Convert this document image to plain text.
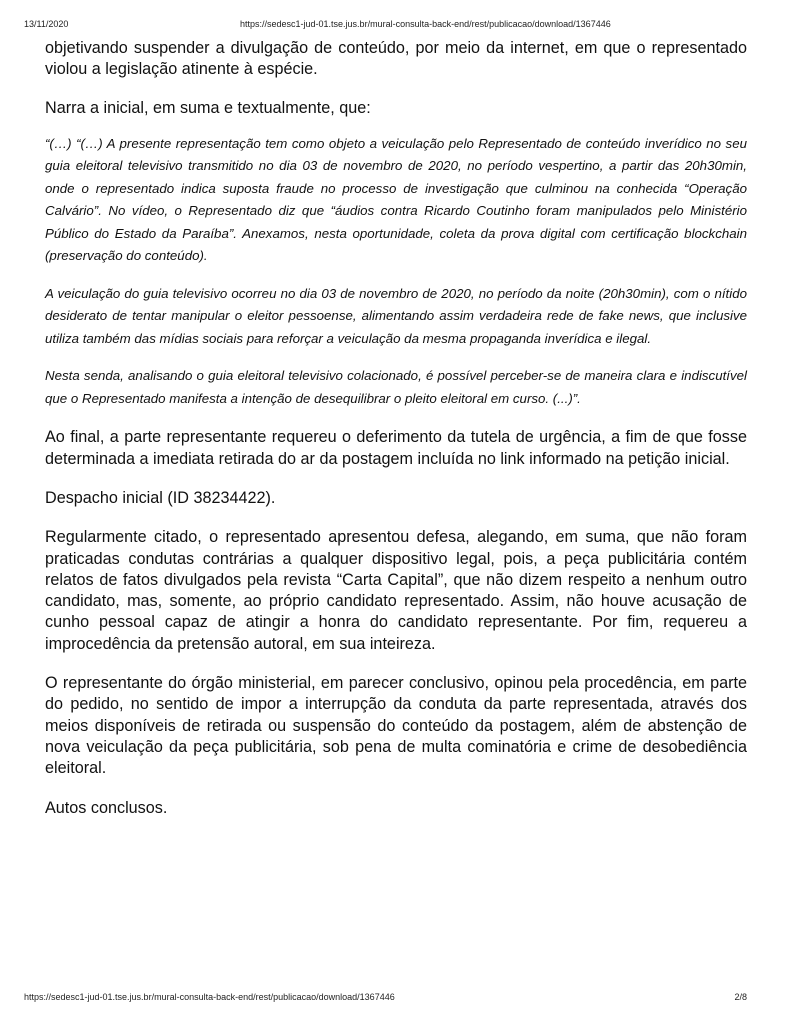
13/11/2020	https://sedesc1-jud-01.tse.jus.br/mural-consulta-back-end/rest/publicacao/download/1367446

objetivando suspender a divulgação de conteúdo, por meio da internet, em que o representado violou a legislação atinente à espécie.

Narra a inicial, em suma e textualmente, que:

“(…) “(…) A presente representação tem como objeto a veiculação pelo Representado de conteúdo inverídico no seu guia eleitoral televisivo transmitido no dia 03 de novembro de 2020, no período vespertino, a partir das 20h30min, onde o representado indica suposta fraude no processo de investigação que culminou na conhecida “Operação Calvário”. No vídeo, o Representado diz que “áudios contra Ricardo Coutinho foram manipulados pelo Ministério Público do Estado da Paraíba”. Anexamos, nesta oportunidade, coleta da prova digital com certificação blockchain (preservação do conteúdo).

A veiculação do guia televisivo ocorreu no dia 03 de novembro de 2020, no período da noite (20h30min), com o nítido desiderato de tentar manipular o eleitor pessoense, alimentando assim verdadeira rede de fake news, que inclusive utiliza também das mídias sociais para reforçar a veiculação da mesma propaganda inverídica e ilegal.

Nesta senda, analisando o guia eleitoral televisivo colacionado, é possível perceber-se de maneira clara e indiscutível que o Representado manifesta a intenção de desequilibrar o pleito eleitoral em curso. (...)”.

Ao final, a parte representante requereu o deferimento da tutela de urgência, a fim de que fosse determinada a imediata retirada do ar da postagem incluída no link informado na petição inicial.

Despacho inicial (ID 38234422).

Regularmente citado, o representado apresentou defesa, alegando, em suma, que não foram praticadas condutas contrárias a qualquer dispositivo legal, pois, a peça publicitária contém relatos de fatos divulgados pela revista “Carta Capital”, que não dizem respeito a nenhum outro candidato, mas, somente, ao próprio candidato representado. Assim, não houve acusação de cunho pessoal capaz de atingir a honra do candidato representante. Por fim, requereu a improcedência da pretensão autoral, em sua inteireza.

O representante do órgão ministerial, em parecer conclusivo, opinou pela procedência, em parte do pedido, no sentido de impor a interrupção da conduta da parte representada, através dos meios disponíveis de retirada ou suspensão do conteúdo da postagem, além de abstenção de nova veiculação da peça publicitária, sob pena de multa cominatória e crime de desobediência eleitoral.

Autos conclusos.

https://sedesc1-jud-01.tse.jus.br/mural-consulta-back-end/rest/publicacao/download/1367446	2/8
